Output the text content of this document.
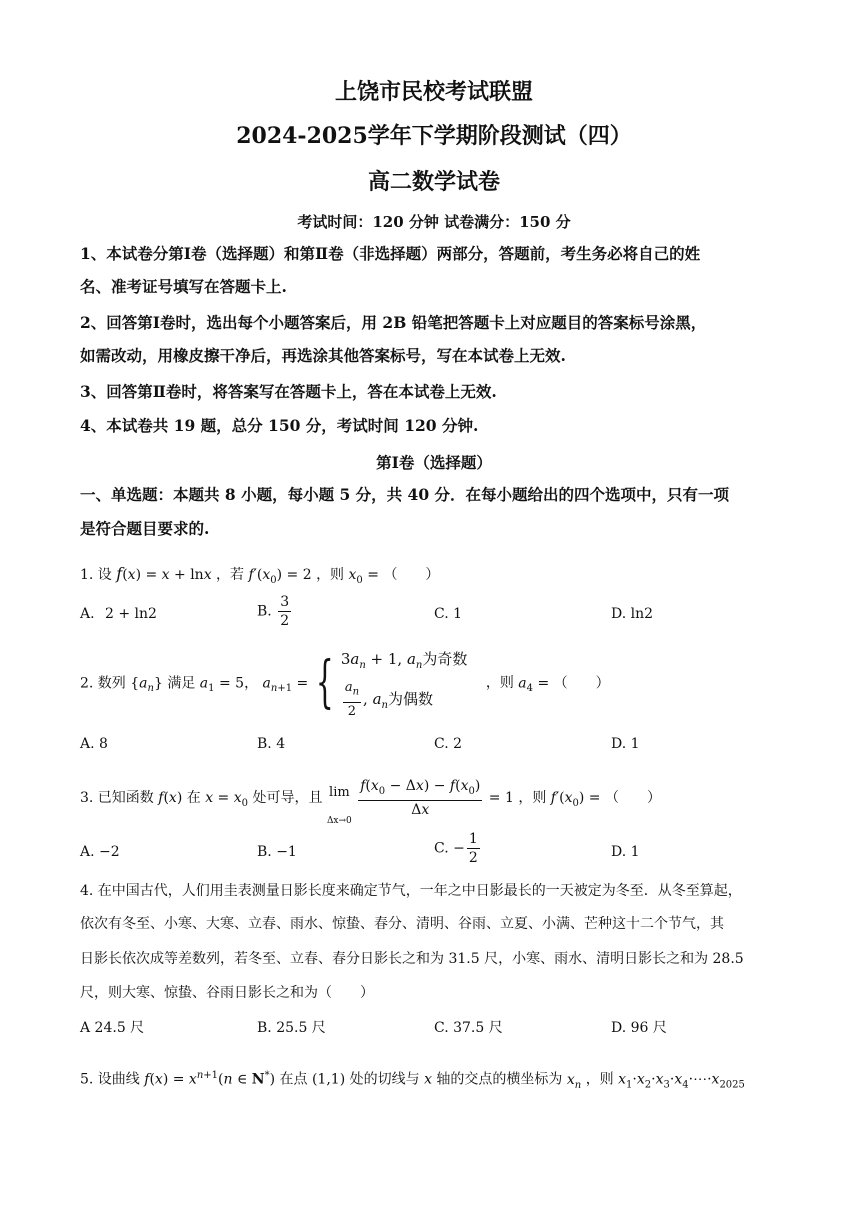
上饶市民校考试联盟
2024-2025学年下学期阶段测试（四）
高二数学试卷
考试时间：120 分钟 试卷满分：150 分
1、本试卷分第Ⅰ卷（选择题）和第Ⅱ卷（非选择题）两部分，答题前，考生务必将自己的姓
名、准考证号填写在答题卡上.
2、回答第Ⅰ卷时，选出每个小题答案后，用 2B 铅笔把答题卡上对应题目的答案标号涂黑，
如需改动，用橡皮擦干净后，再选涂其他答案标号，写在本试卷上无效.
3、回答第Ⅱ卷时，将答案写在答题卡上，答在本试卷上无效.
4、本试卷共 19 题，总分 150 分，考试时间 120 分钟.
第Ⅰ卷（选择题）
一、单选题：本题共 8 小题，每小题 5 分，共 40 分．在每小题给出的四个选项中，只有一项
是符合题目要求的.
1. 设 f(x) = x + lnx ，若 $f'(x_0) = 2$ ，则 $x_0$ = （　　）
A. 2 + ln2	B. $\frac{3}{2}$	C. 1	D. ln2
2. 数列 $\{a_n\}$ 满足 $a_1 = 5$， $a_{n+1}$ = { $3a_n + 1$, $a_n$为奇数
$\frac{a_n}{2}$ , $a_n$为偶数
，则 $a_4$ = （　　）
A. 8	B. 4	C. 2	D. 1
3. 已知函数 f(x) 在 $x = x_0$ 处可导，且 lim
Δx→0

$\frac{f(x_0 - \Delta x) - f(x_0)}{\Delta x} = 1$ ，则 $f'(x_0)$ = （　　）
A. −2	B. −1	C. − $\frac{1}{2}$	D. 1
4. 在中国古代，人们用圭表测量日影长度来确定节气，一年之中日影最长的一天被定为冬至．从冬至算起，
依次有冬至、小寒、大寒、立春、雨水、惊蛰、春分、清明、谷雨、立夏、小满、芒种这十二个节气，其
日影长依次成等差数列，若冬至、立春、春分日影长之和为 31.5 尺，小寒、雨水、清明日影长之和为 28.5
尺，则大寒、惊蛰、谷雨日影长之和为（　　）
A 24.5 尺	B. 25.5 尺	C. 37.5 尺	D. 96 尺
5. 设曲线 $f(x) = x^{n+1}(n$ ∈ N*) 在点 (1,1) 处的切线与 x 轴的交点的横坐标为 $x_n$ ，则 $x_1\cdot x_2\cdot x_3\cdot x_4\cdot\cdots\cdot x_{2025}$
